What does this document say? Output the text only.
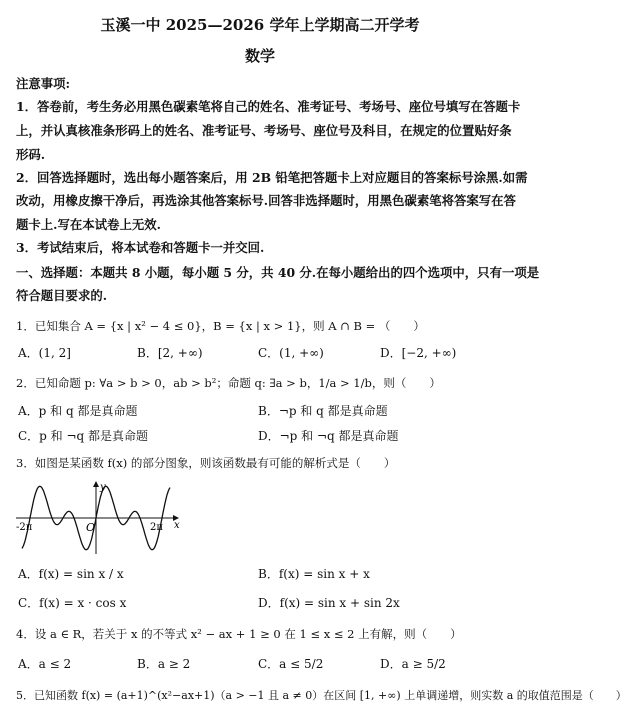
玉溪一中 2025—2026 学年上学期高二开学考
数学
注意事项:
1．答卷前，考生务必用黑色碳素笔将自己的姓名、准考证号、考场号、座位号填写在答题卡
上，并认真核准条形码上的姓名、准考证号、考场号、座位号及科目，在规定的位置贴好条
形码.
2．回答选择题时，选出每小题答案后，用 2B 铅笔把答题卡上对应题目的答案标号涂黑.如需
改动，用橡皮擦干净后，再选涂其他答案标号.回答非选择题时，用黑色碳素笔将答案写在答
题卡上.写在本试卷上无效.
3．考试结束后，将本试卷和答题卡一并交回.
一、选择题：本题共 8 小题，每小题 5 分，共 40 分.在每小题给出的四个选项中，只有一项是
符合题目要求的.
1．已知集合 A = {x | x² − 4 ≤ 0}，B = {x | x > 1}，则 A ∩ B = （　　）
A．(1, 2]	B．[2, +∞)	C．(1, +∞)	D．[−2, +∞)
2．已知命题 p: ∀a > b > 0，ab > b²；命题 q: ∃a > b，1/a > 1/b，则（　　）
A．p 和 q 都是真命题	B．¬p 和 q 都是真命题
C．p 和 ¬q 都是真命题	D．¬p 和 ¬q 都是真命题
3．如图是某函数 f(x) 的部分图象，则该函数最有可能的解析式是（　　）
-2π	2π
O	x
y
A．f(x) = sin x / x	B．f(x) = sin x + x
C．f(x) = x · cos x	D．f(x) = sin x + sin 2x
4．设 a ∈ R，若关于 x 的不等式 x² − ax + 1 ≥ 0 在 1 ≤ x ≤ 2 上有解，则（　　）
A．a ≤ 2	B．a ≥ 2	C．a ≤ 5/2	D．a ≥ 5/2
5．已知函数 f(x) = (a+1)^(x²−ax+1)（a > −1 且 a ≠ 0）在区间 [1, +∞) 上单调递增，则实数 a 的取值范围是（　　）
